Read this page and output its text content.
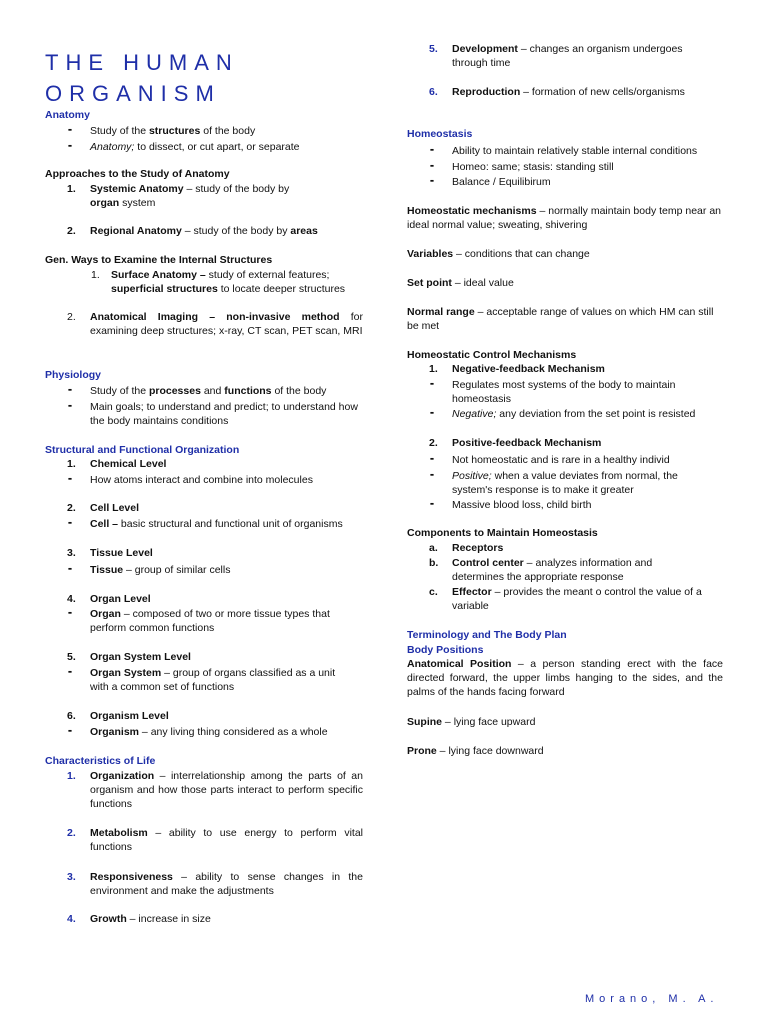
THE HUMAN
ORGANISM
Anatomy
▪▪ Study of the structures of the body
▪▪ Anatomy; to dissect, or cut apart, or separate
Approaches to the Study of Anatomy
1. Systemic Anatomy – study of the body by
organ system
2. Regional Anatomy – study of the body by areas
Gen. Ways to Examine the Internal Structures
1. Surface Anatomy – study of external features;
superficial structures to locate deeper structures
2. Anatomical Imaging – non-invasive method for examining deep structures; x-ray, CT scan, PET scan, MRI
Physiology
▪▪ Study of the processes and functions of the body
▪▪ Main goals; to understand and predict; to understand how the body maintains conditions
Structural and Functional Organization
1. Chemical Level
▪▪ How atoms interact and combine into molecules
2. Cell Level
▪▪ Cell – basic structural and functional unit of organisms
3. Tissue Level
▪▪ Tissue – group of similar cells
4. Organ Level
▪▪ Organ – composed of two or more tissue types that perform common functions
5. Organ System Level
▪▪ Organ System – group of organs classified as a unit with a common set of functions
6. Organism Level
▪▪ Organism – any living thing considered as a whole
Characteristics of Life
1. Organization – interrelationship among the parts of an organism and how those parts interact to perform specific functions
2. Metabolism – ability to use energy to perform vital functions
3. Responsiveness – ability to sense changes in the environment and make the adjustments
4. Growth – increase in size
5. Development – changes an organism undergoes through time
6. Reproduction – formation of new cells/organisms
Homeostasis
▪▪ Ability to maintain relatively stable internal conditions
▪▪ Homeo: same; stasis: standing still
▪▪ Balance / Equilibirum
Homeostatic mechanisms – normally maintain body temp near an ideal normal value; sweating, shivering
Variables – conditions that can change
Set point – ideal value
Normal range – acceptable range of values on which HM can still be met
Homeostatic Control Mechanisms
1. Negative-feedback Mechanism
▪▪ Regulates most systems of the body to maintain homeostasis
▪▪ Negative; any deviation from the set point is resisted
2. Positive-feedback Mechanism
▪▪ Not homeostatic and is rare in a healthy individ
▪▪ Positive; when a value deviates from normal, the system's response is to make it greater
▪▪ Massive blood loss, child birth
Components to Maintain Homeostasis
a. Receptors
b. Control center – analyzes information and determines the appropriate response
c. Effector – provides the meant o control the value of a variable
Terminology and The Body Plan
Body Positions
Anatomical Position – a person standing erect with the face directed forward, the upper limbs hanging to the sides, and the palms of the hands facing forward
Supine – lying face upward
Prone – lying face downward
Morano, M. A.
